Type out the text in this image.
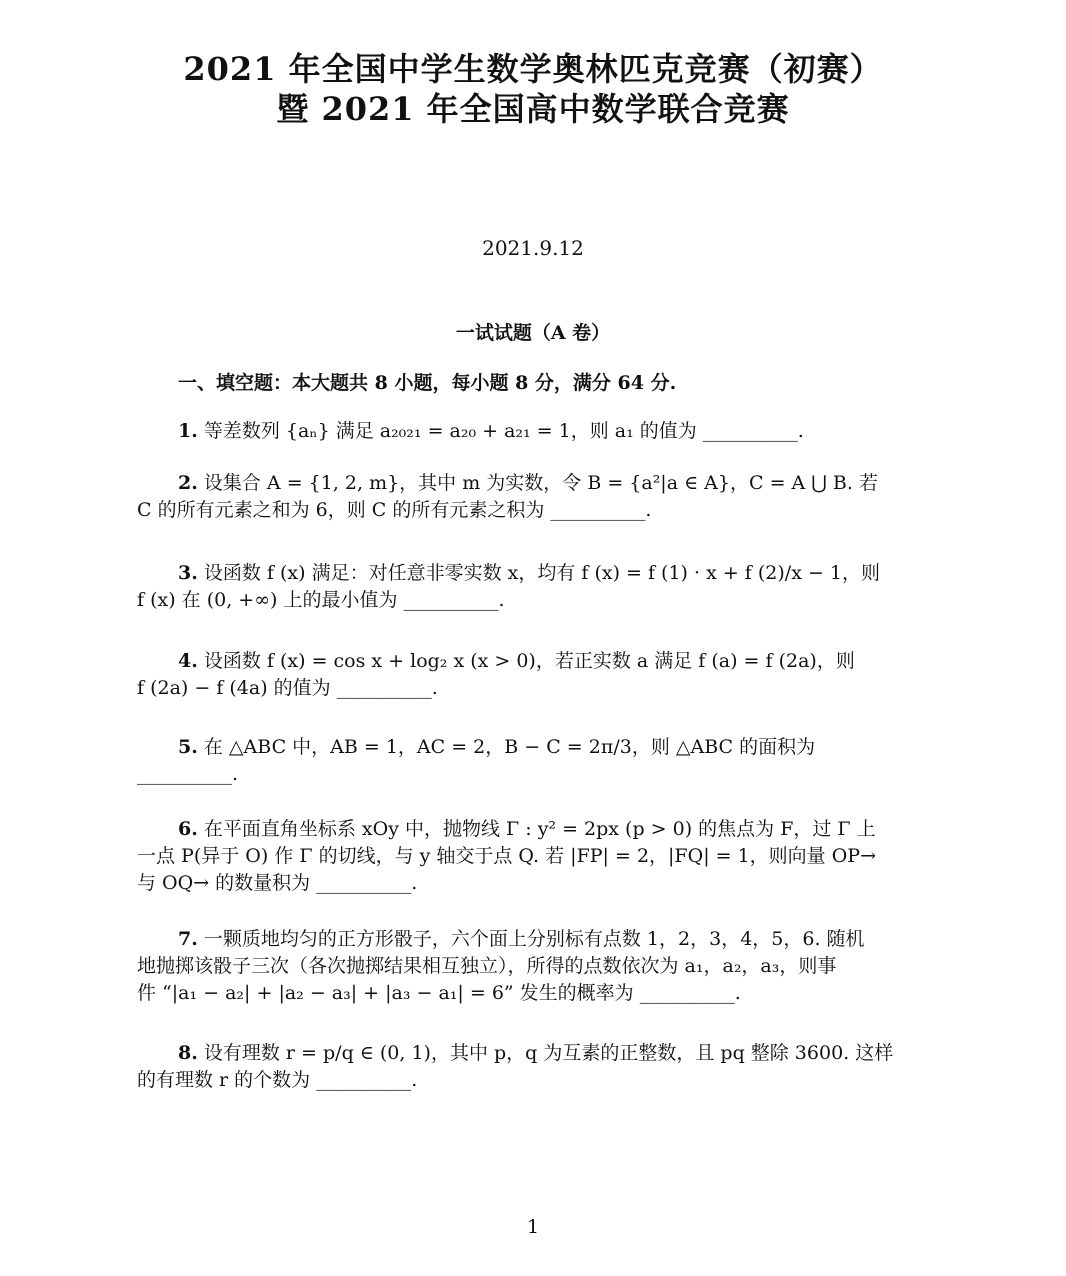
2021 年全国中学生数学奥林匹克竞赛（初赛）
暨 2021 年全国高中数学联合竞赛
2021.9.12
一试试题（A 卷）
一、填空题：本大题共 8 小题，每小题 8 分，满分 64 分.
1. 等差数列 {aₙ} 满足 a₂₀₂₁ = a₂₀ + a₂₁ = 1，则 a₁ 的值为 __________.
2. 设集合 A = {1, 2, m}，其中 m 为实数，令 B = {a²|a ∈ A}，C = A ⋃ B. 若
C 的所有元素之和为 6，则 C 的所有元素之积为 __________.
3. 设函数 f (x) 满足：对任意非零实数 x，均有 f (x) = f (1) · x + f (2)/x − 1，则
f (x) 在 (0, +∞) 上的最小值为 __________.
4. 设函数 f (x) = cos x + log₂ x (x > 0)，若正实数 a 满足 f (a) = f (2a)，则
f (2a) − f (4a) 的值为 __________.
5. 在 △ABC 中，AB = 1，AC = 2，B − C = 2π/3，则 △ABC 的面积为
__________.
6. 在平面直角坐标系 xOy 中，抛物线 Γ : y² = 2px (p > 0) 的焦点为 F，过 Γ 上
一点 P(异于 O) 作 Γ 的切线，与 y 轴交于点 Q. 若 |FP| = 2，|FQ| = 1，则向量 OP→
与 OQ→ 的数量积为 __________.
7. 一颗质地均匀的正方形骰子，六个面上分别标有点数 1，2，3，4，5，6. 随机
地抛掷该骰子三次（各次抛掷结果相互独立），所得的点数依次为 a₁，a₂，a₃，则事
件 “|a₁ − a₂| + |a₂ − a₃| + |a₃ − a₁| = 6” 发生的概率为 __________.
8. 设有理数 r = p/q ∈ (0, 1)，其中 p，q 为互素的正整数，且 pq 整除 3600. 这样
的有理数 r 的个数为 __________.
1
